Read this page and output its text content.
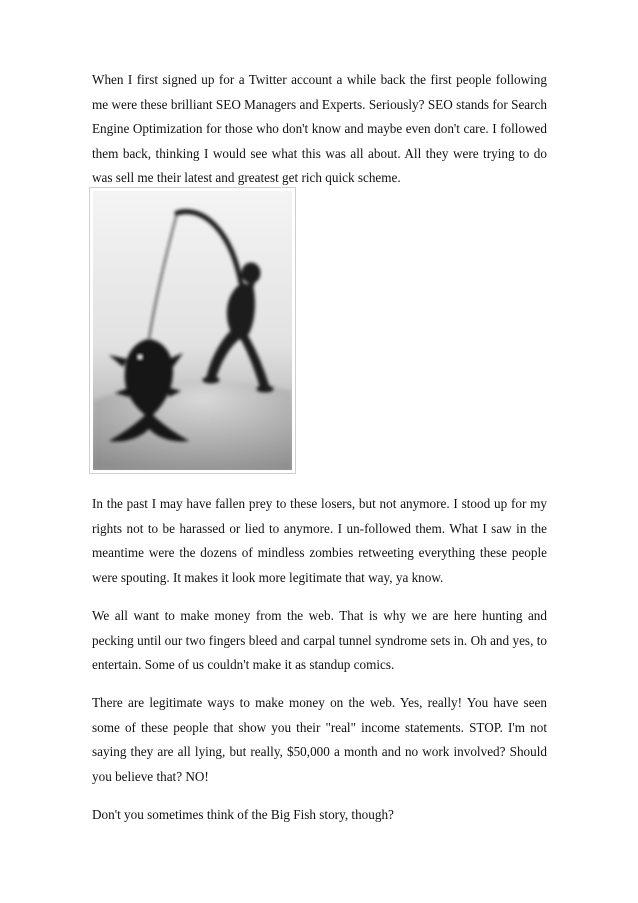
When I first signed up for a Twitter account a while back the first people following me were these brilliant SEO Managers and Experts. Seriously? SEO stands for Search Engine Optimization for those who don't know and maybe even don't care. I followed them back, thinking I would see what this was all about. All they were trying to do was sell me their latest and greatest get rich quick scheme.

In the past I may have fallen prey to these losers, but not anymore. I stood up for my rights not to be harassed or lied to anymore. I un-followed them. What I saw in the meantime were the dozens of mindless zombies retweeting everything these people were spouting. It makes it look more legitimate that way, ya know.

We all want to make money from the web. That is why we are here hunting and pecking until our two fingers bleed and carpal tunnel syndrome sets in. Oh and yes, to entertain. Some of us couldn't make it as standup comics.

There are legitimate ways to make money on the web. Yes, really! You have seen some of these people that show you their "real" income statements. STOP. I'm not saying they are all lying, but really, $50,000 a month and no work involved? Should you believe that? NO!

Don't you sometimes think of the Big Fish story, though?
